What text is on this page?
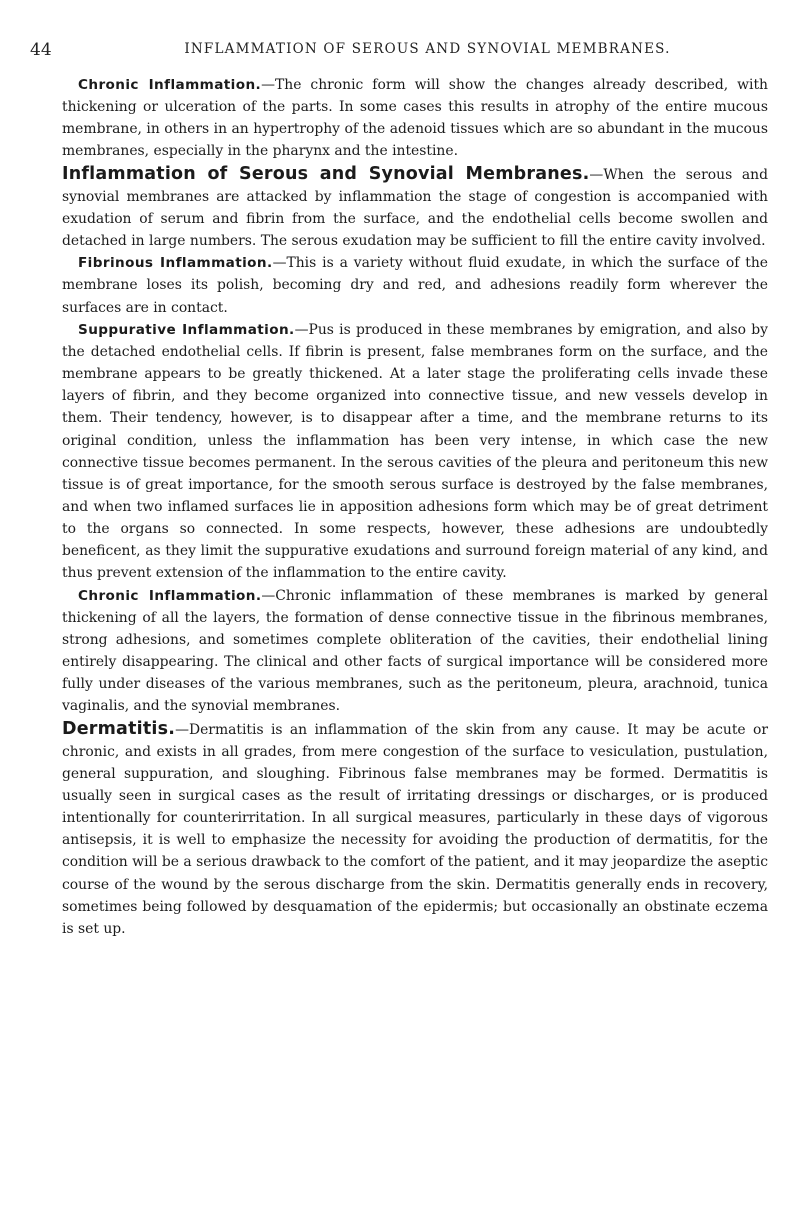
44	INFLAMMATION OF SEROUS AND SYNOVIAL MEMBRANES.

Chronic Inflammation.—The chronic form will show the changes already described, with thickening or ulceration of the parts. In some cases this results in atrophy of the entire mucous membrane, in others in an hypertrophy of the adenoid tissues which are so abundant in the mucous membranes, especially in the pharynx and the intestine.

Inflammation of Serous and Synovial Membranes.—When the serous and synovial membranes are attacked by inflammation the stage of congestion is accompanied with exudation of serum and fibrin from the surface, and the endothelial cells become swollen and detached in large numbers. The serous exudation may be sufficient to fill the entire cavity involved.

Fibrinous Inflammation.—This is a variety without fluid exudate, in which the surface of the membrane loses its polish, becoming dry and red, and adhesions readily form wherever the surfaces are in contact.

Suppurative Inflammation.—Pus is produced in these membranes by emigration, and also by the detached endothelial cells. If fibrin is present, false membranes form on the surface, and the membrane appears to be greatly thickened. At a later stage the proliferating cells invade these layers of fibrin, and they become organized into connective tissue, and new vessels develop in them. Their tendency, however, is to disappear after a time, and the membrane returns to its original condition, unless the inflammation has been very intense, in which case the new connective tissue becomes permanent. In the serous cavities of the pleura and peritoneum this new tissue is of great importance, for the smooth serous surface is destroyed by the false membranes, and when two inflamed surfaces lie in apposition adhesions form which may be of great detriment to the organs so connected. In some respects, however, these adhesions are undoubtedly beneficent, as they limit the suppurative exudations and surround foreign material of any kind, and thus prevent extension of the inflammation to the entire cavity.

Chronic Inflammation.—Chronic inflammation of these membranes is marked by general thickening of all the layers, the formation of dense connective tissue in the fibrinous membranes, strong adhesions, and sometimes complete obliteration of the cavities, their endothelial lining entirely disappearing. The clinical and other facts of surgical importance will be considered more fully under diseases of the various membranes, such as the peritoneum, pleura, arachnoid, tunica vaginalis, and the synovial membranes.

Dermatitis.—Dermatitis is an inflammation of the skin from any cause. It may be acute or chronic, and exists in all grades, from mere congestion of the surface to vesiculation, pustulation, general suppuration, and sloughing. Fibrinous false membranes may be formed. Dermatitis is usually seen in surgical cases as the result of irritating dressings or discharges, or is produced intentionally for counterirritation. In all surgical measures, particularly in these days of vigorous antisepsis, it is well to emphasize the necessity for avoiding the production of dermatitis, for the condition will be a serious drawback to the comfort of the patient, and it may jeopardize the aseptic course of the wound by the serous discharge from the skin. Dermatitis generally ends in recovery, sometimes being followed by desquamation of the epidermis; but occasionally an obstinate eczema is set up.
